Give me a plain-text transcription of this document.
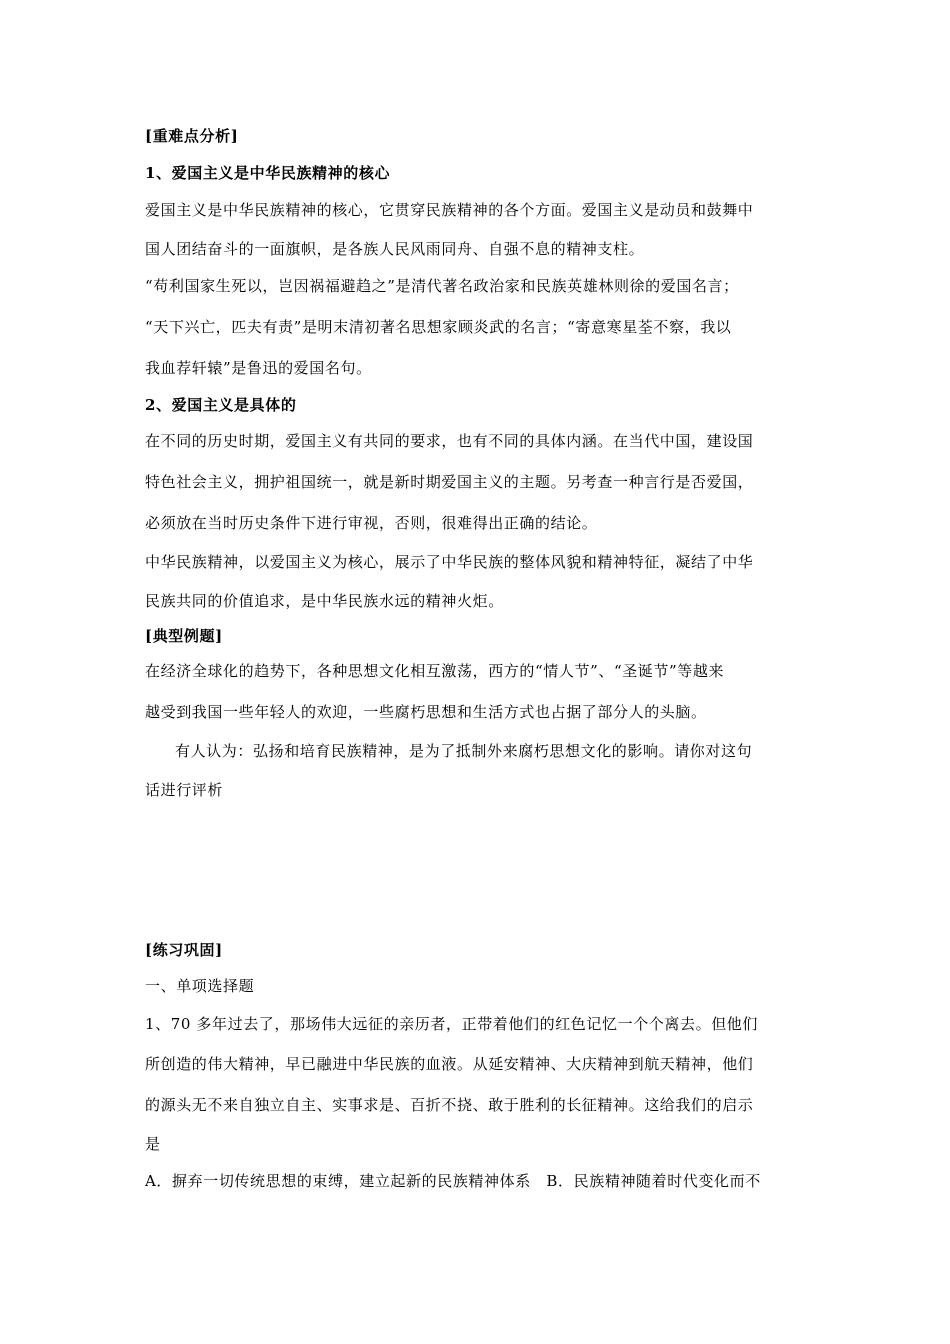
[重难点分析]
1、爱国主义是中华民族精神的核心
爱国主义是中华民族精神的核心，它贯穿民族精神的各个方面。爱国主义是动员和鼓舞中
国人团结奋斗的一面旗帜，是各族人民风雨同舟、自强不息的精神支柱。
“苟利国家生死以，岂因祸福避趋之”是清代著名政治家和民族英雄林则徐的爱国名言；
“天下兴亡，匹夫有责”是明末清初著名思想家顾炎武的名言；“寄意寒星荃不察，我以
我血荐轩辕”是鲁迅的爱国名句。
2、爱国主义是具体的
在不同的历史时期，爱国主义有共同的要求，也有不同的具体内涵。在当代中国，建设国
特色社会主义，拥护祖国统一，就是新时期爱国主义的主题。另考查一种言行是否爱国，
必须放在当时历史条件下进行审视，否则，很难得出正确的结论。
中华民族精神，以爱国主义为核心，展示了中华民族的整体风貌和精神特征，凝结了中华
民族共同的价值追求，是中华民族水远的精神火炬。
[典型例题]
在经济全球化的趋势下，各种思想文化相互激荡，西方的“情人节”、“圣诞节”等越来
越受到我国一些年轻人的欢迎，一些腐朽思想和生活方式也占据了部分人的头脑。
有人认为：弘扬和培育民族精神，是为了抵制外来腐朽思想文化的影响。请你对这句
话进行评析
[练习巩固]
一、单项选择题
1、70 多年过去了，那场伟大远征的亲历者，正带着他们的红色记忆一个个离去。但他们
所创造的伟大精神，早已融进中华民族的血液。从延安精神、大庆精神到航天精神，他们
的源头无不来自独立自主、实事求是、百折不挠、敢于胜利的长征精神。这给我们的启示
是
A．摒弃一切传统思想的束缚，建立起新的民族精神体系　B．民族精神随着时代变化而不
